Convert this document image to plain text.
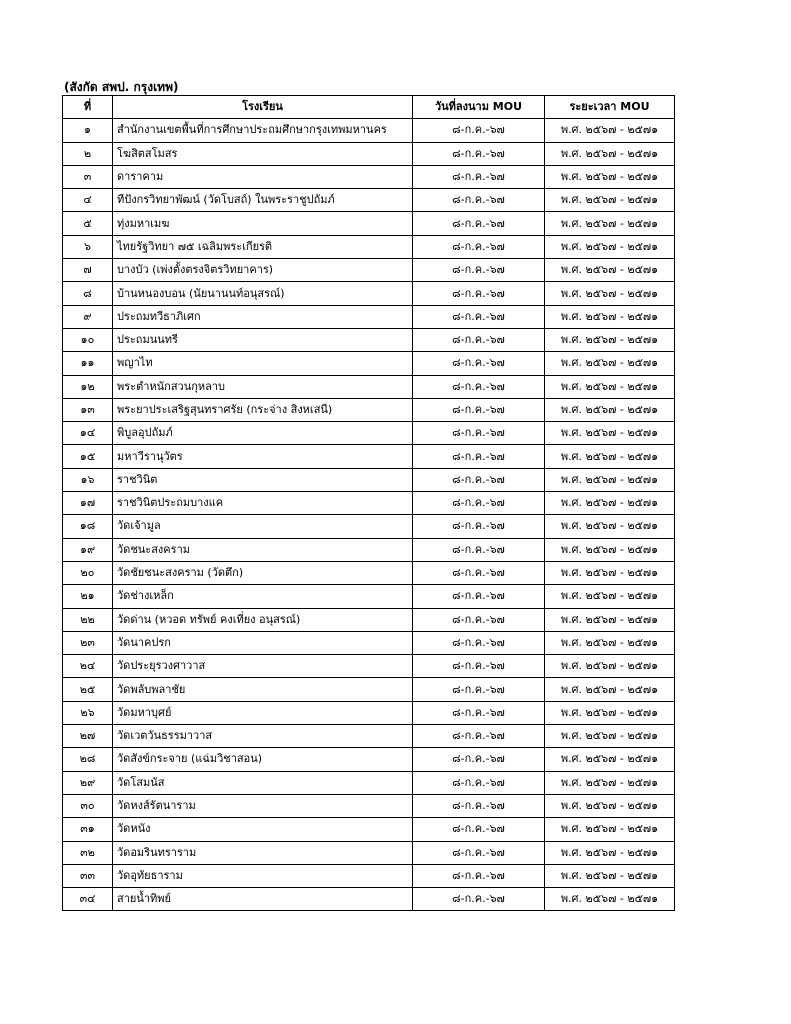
(สังกัด สพป. กรุงเทพ)
ที่	โรงเรียน	วันที่ลงนาม MOU	ระยะเวลา MOU
๑	สำนักงานเขตพื้นที่การศึกษาประถมศึกษากรุงเทพมหานคร	๘-ก.ค.-๖๗	พ.ศ. ๒๕๖๗ - ๒๕๗๑
๒	โฆสิตสโมสร	๘-ก.ค.-๖๗	พ.ศ. ๒๕๖๗ - ๒๕๗๑
๓	ดาราคาม	๘-ก.ค.-๖๗	พ.ศ. ๒๕๖๗ - ๒๕๗๑
๔	ทีปังกรวิทยาพัฒน์ (วัดโบสถ์) ในพระราชูปถัมภ์	๘-ก.ค.-๖๗	พ.ศ. ๒๕๖๗ - ๒๕๗๑
๕	ทุ่งมหาเมฆ	๘-ก.ค.-๖๗	พ.ศ. ๒๕๖๗ - ๒๕๗๑
๖	ไทยรัฐวิทยา ๗๕ เฉลิมพระเกียรติ	๘-ก.ค.-๖๗	พ.ศ. ๒๕๖๗ - ๒๕๗๑
๗	บางบัว (เพ่งตั้งตรงจิตรวิทยาคาร)	๘-ก.ค.-๖๗	พ.ศ. ๒๕๖๗ - ๒๕๗๑
๘	บ้านหนองบอน (นัยนานนท์อนุสรณ์)	๘-ก.ค.-๖๗	พ.ศ. ๒๕๖๗ - ๒๕๗๑
๙	ประถมทวีธาภิเศก	๘-ก.ค.-๖๗	พ.ศ. ๒๕๖๗ - ๒๕๗๑
๑๐	ประถมนนทรี	๘-ก.ค.-๖๗	พ.ศ. ๒๕๖๗ - ๒๕๗๑
๑๑	พญาไท	๘-ก.ค.-๖๗	พ.ศ. ๒๕๖๗ - ๒๕๗๑
๑๒	พระตำหนักสวนกุหลาบ	๘-ก.ค.-๖๗	พ.ศ. ๒๕๖๗ - ๒๕๗๑
๑๓	พระยาประเสริฐสุนทราศรัย (กระจ่าง สิงหเสนี)	๘-ก.ค.-๖๗	พ.ศ. ๒๕๖๗ - ๒๕๗๑
๑๔	พิบูลอุปถัมภ์	๘-ก.ค.-๖๗	พ.ศ. ๒๕๖๗ - ๒๕๗๑
๑๕	มหาวีรานุวัตร	๘-ก.ค.-๖๗	พ.ศ. ๒๕๖๗ - ๒๕๗๑
๑๖	ราชวินิต	๘-ก.ค.-๖๗	พ.ศ. ๒๕๖๗ - ๒๕๗๑
๑๗	ราชวินิตประถมบางแค	๘-ก.ค.-๖๗	พ.ศ. ๒๕๖๗ - ๒๕๗๑
๑๘	วัดเจ้ามูล	๘-ก.ค.-๖๗	พ.ศ. ๒๕๖๗ - ๒๕๗๑
๑๙	วัดชนะสงคราม	๘-ก.ค.-๖๗	พ.ศ. ๒๕๖๗ - ๒๕๗๑
๒๐	วัดชัยชนะสงคราม (วัดตึก)	๘-ก.ค.-๖๗	พ.ศ. ๒๕๖๗ - ๒๕๗๑
๒๑	วัดช่างเหล็ก	๘-ก.ค.-๖๗	พ.ศ. ๒๕๖๗ - ๒๕๗๑
๒๒	วัดด่าน (หวอด ทรัพย์ คงเที่ยง อนุสรณ์)	๘-ก.ค.-๖๗	พ.ศ. ๒๕๖๗ - ๒๕๗๑
๒๓	วัดนาคปรก	๘-ก.ค.-๖๗	พ.ศ. ๒๕๖๗ - ๒๕๗๑
๒๔	วัดประยุรวงศาวาส	๘-ก.ค.-๖๗	พ.ศ. ๒๕๖๗ - ๒๕๗๑
๒๕	วัดพลับพลาชัย	๘-ก.ค.-๖๗	พ.ศ. ๒๕๖๗ - ๒๕๗๑
๒๖	วัดมหาบุศย์	๘-ก.ค.-๖๗	พ.ศ. ๒๕๖๗ - ๒๕๗๑
๒๗	วัดเวตวันธรรมาวาส	๘-ก.ค.-๖๗	พ.ศ. ๒๕๖๗ - ๒๕๗๑
๒๘	วัดสังข์กระจาย (แฉ่มวิชาสอน)	๘-ก.ค.-๖๗	พ.ศ. ๒๕๖๗ - ๒๕๗๑
๒๙	วัดโสมนัส	๘-ก.ค.-๖๗	พ.ศ. ๒๕๖๗ - ๒๕๗๑
๓๐	วัดหงส์รัตนาราม	๘-ก.ค.-๖๗	พ.ศ. ๒๕๖๗ - ๒๕๗๑
๓๑	วัดหนัง	๘-ก.ค.-๖๗	พ.ศ. ๒๕๖๗ - ๒๕๗๑
๓๒	วัดอมรินทราราม	๘-ก.ค.-๖๗	พ.ศ. ๒๕๖๗ - ๒๕๗๑
๓๓	วัดอุทัยธาราม	๘-ก.ค.-๖๗	พ.ศ. ๒๕๖๗ - ๒๕๗๑
๓๔	สายน้ำทิพย์	๘-ก.ค.-๖๗	พ.ศ. ๒๕๖๗ - ๒๕๗๑
